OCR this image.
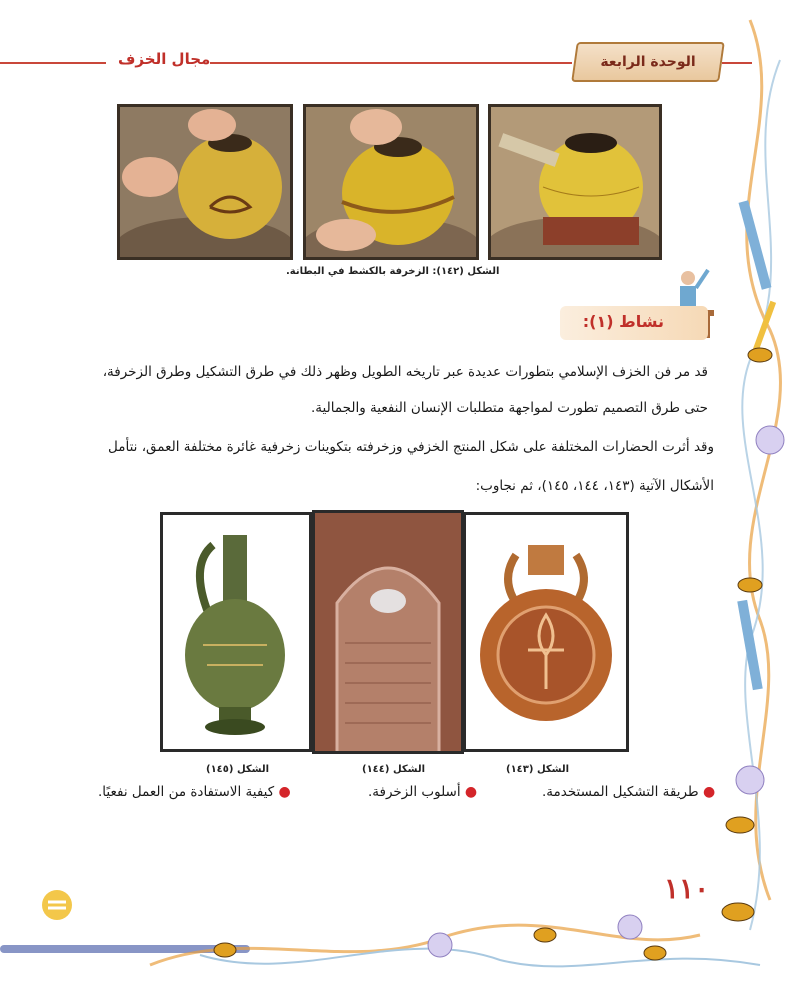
مجال الخزف	الوحدة الرابعة
الشكل (١٤٢): الزخرفة بالكشط في البطانة.
نشاط (١):
قد مر فن الخزف الإسلامي بتطورات عديدة عبر تاريخه الطويل وظهر ذلك في طرق التشكيل وطرق الزخرفة،
حتى طرق التصميم تطورت لمواجهة متطلبات الإنسان النفعية والجمالية.
وقد أثرت الحضارات المختلفة على شكل المنتج الخزفي وزخرفته بتكوينات زخرفية غائرة مختلفة العمق، نتأمل
الأشكال الآتية (١٤٣، ١٤٤، ١٤٥)، ثم نجاوب:
الشكل (١٤٣)
الشكل (١٤٤)
الشكل (١٤٥)
● طريقة التشكيل المستخدمة.
● أسلوب الزخرفة.
● كيفية الاستفادة من العمل نفعيًا.
١١٠
